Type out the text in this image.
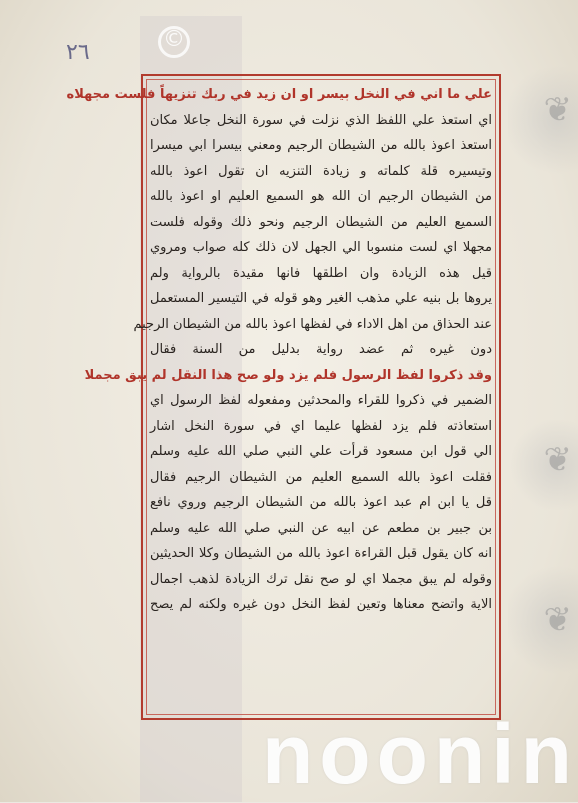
©
❦
❦
❦
٢٦
علي ما اني في النخل بيسر او ان زيد في ربك تنزيهاً فلست مجهلاه
اي استعذ علي اللفظ الذي نزلت في سورة النخل جاعلا مكان
استعذ اعوذ بالله من الشيطان الرجيم ومعني بيسرا ابي ميسرا
وتيسيره قلة كلماته و زيادة التنزيه ان تقول اعوذ بالله
من الشيطان الرجيم ان الله هو السميع العليم او اعوذ بالله
السميع العليم من الشيطان الرجيم ونحو ذلك وقوله فلست
مجهلا اي لست منسوبا الي الجهل لان ذلك كله صواب ومروي
قيل هذه الزيادة وان اطلقها فانها مقيدة بالرواية ولم
يروها بل بنيه علي مذهب الغير وهو قوله في التيسير المستعمل
عند الحذاق من اهل الاداء في لفظها اعوذ بالله من الشيطان الرجيم
دون غيره ثم عضد رواية بدليل من السنة فقال
وقد ذكروا لفظ الرسول فلم يزد ولو صح هذا النقل لم يبق مجملا
الضمير في ذكروا للقراء والمحدثين ومفعوله لفظ الرسول اي
استعاذته فلم يزد لفظها عليما اي في سورة النخل اشار
الي قول ابن مسعود قرأت علي النبي صلي الله عليه وسلم
فقلت اعوذ بالله السميع العليم من الشيطان الرجيم فقال
قل يا ابن ام عبد اعوذ بالله من الشيطان الرجيم وروي نافع
بن جبير بن مطعم عن ابيه عن النبي صلي الله عليه وسلم
انه كان يقول قبل القراءة اعوذ بالله من الشيطان وكلا الحديثين
وقوله لم يبق مجملا اي لو صح نقل ترك الزيادة لذهب اجمال
الاية واتضح معناها وتعين لفظ النخل دون غيره ولكنه لم يصح
noonin
